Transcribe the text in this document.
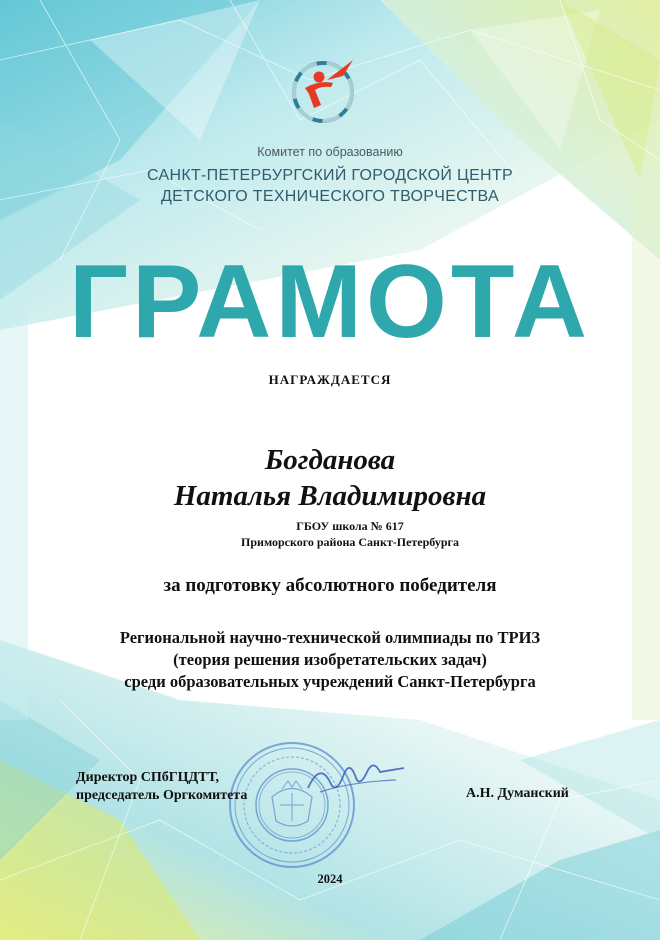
Комитет по образованию
САНКТ-ПЕТЕРБУРГСКИЙ ГОРОДСКОЙ ЦЕНТР
ДЕТСКОГО ТЕХНИЧЕСКОГО ТВОРЧЕСТВА
ГРАМОТА
НАГРАЖДАЕТСЯ
Богданова
Наталья Владимировна
ГБОУ школа № 617
Приморского района Санкт-Петербурга
за подготовку абсолютного победителя
Региональной научно-технической олимпиады по ТРИЗ
(теория решения изобретательских задач)
среди образовательных учреждений Санкт-Петербурга
Директор СПбГЦДТТ,
председатель Оргкомитета	А.Н. Думанский
2024
